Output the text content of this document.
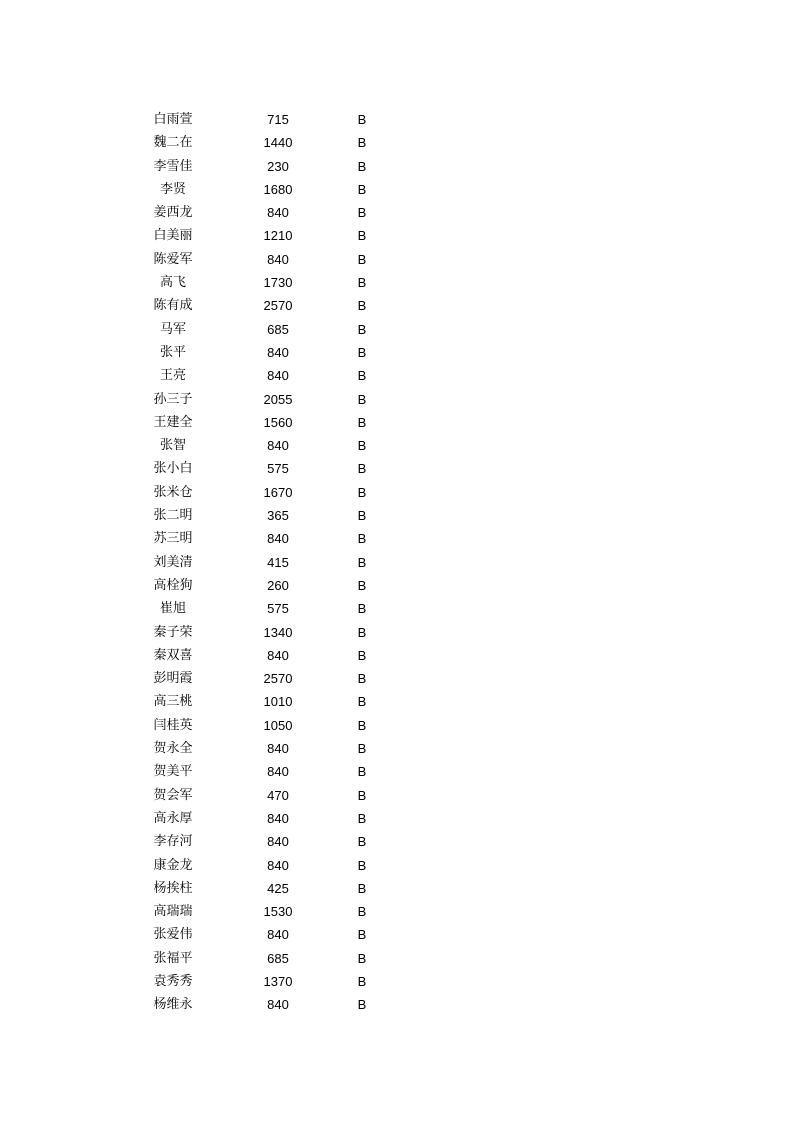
白雨萱	715	B
魏二在	1440	B
李雪佳	230	B
李贤	1680	B
姜西龙	840	B
白美丽	1210	B
陈爱军	840	B
高飞	1730	B
陈有成	2570	B
马军	685	B
张平	840	B
王亮	840	B
孙三子	2055	B
王建全	1560	B
张智	840	B
张小白	575	B
张米仓	1670	B
张二明	365	B
苏三明	840	B
刘美清	415	B
高栓狗	260	B
崔旭	575	B
秦子荣	1340	B
秦双喜	840	B
彭明霞	2570	B
高三桃	1010	B
闫桂英	1050	B
贺永全	840	B
贺美平	840	B
贺会军	470	B
高永厚	840	B
李存河	840	B
康金龙	840	B
杨挨柱	425	B
高瑞瑞	1530	B
张爱伟	840	B
张福平	685	B
袁秀秀	1370	B
杨维永	840	B
